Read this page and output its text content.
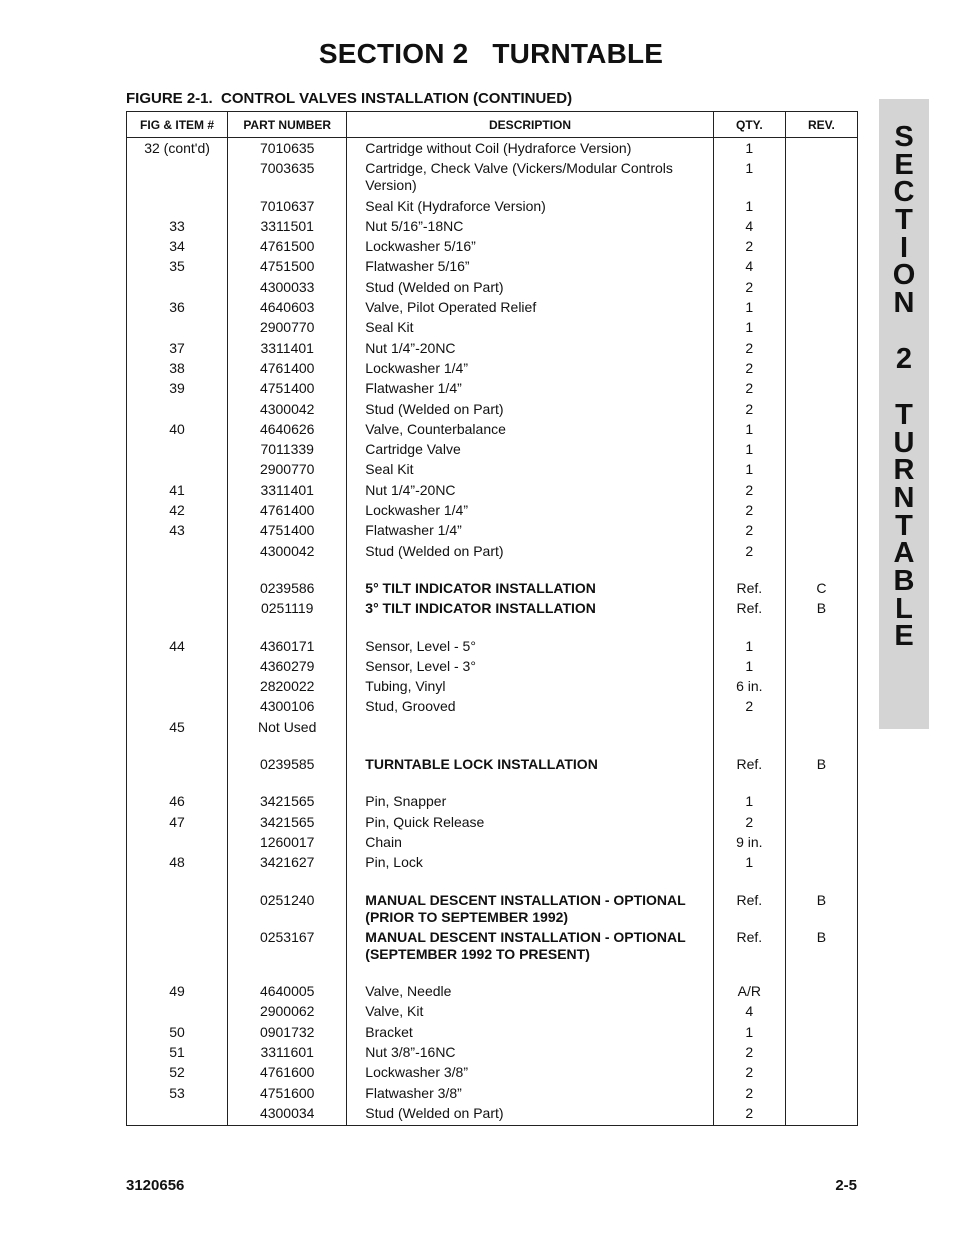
SECTION 2   TURNTABLE
FIGURE 2-1.  CONTROL VALVES INSTALLATION (CONTINUED)
FIG & ITEM #	PART NUMBER	DESCRIPTION	QTY.	REV.
32 (cont'd)	7010635	Cartridge without Coil (Hydraforce Version)	1	
	7003635	Cartridge, Check Valve (Vickers/Modular Controls Version)	1	
	7010637	Seal Kit (Hydraforce Version)	1	
33	3311501	Nut 5/16”-18NC	4	
34	4761500	Lockwasher 5/16”	2	
35	4751500	Flatwasher 5/16”	4	
	4300033	Stud (Welded on Part)	2	
36	4640603	Valve, Pilot Operated Relief	1	
	2900770	Seal Kit	1	
37	3311401	Nut 1/4”-20NC	2	
38	4761400	Lockwasher 1/4”	2	
39	4751400	Flatwasher 1/4”	2	
	4300042	Stud (Welded on Part)	2	
40	4640626	Valve, Counterbalance	1	
	7011339	Cartridge Valve	1	
	2900770	Seal Kit	1	
41	3311401	Nut 1/4”-20NC	2	
42	4761400	Lockwasher 1/4”	2	
43	4751400	Flatwasher 1/4”	2	
	4300042	Stud (Welded on Part)	2	

	0239586	5° TILT INDICATOR INSTALLATION	Ref.	C
	0251119	3° TILT INDICATOR INSTALLATION	Ref.	B

44	4360171	Sensor, Level - 5°	1	
	4360279	Sensor, Level - 3°	1	
	2820022	Tubing, Vinyl	6 in.	
	4300106	Stud, Grooved	2	
45	Not Used			

	0239585	TURNTABLE LOCK INSTALLATION	Ref.	B

46	3421565	Pin, Snapper	1	
47	3421565	Pin, Quick Release	2	
	1260017	Chain	9 in.	
48	3421627	Pin, Lock	1	

	0251240	MANUAL DESCENT INSTALLATION - OPTIONAL (PRIOR TO SEPTEMBER 1992)	Ref.	B
	0253167	MANUAL DESCENT INSTALLATION - OPTIONAL (SEPTEMBER 1992 TO PRESENT)	Ref.	B

49	4640005	Valve, Needle	A/R	
	2900062	Valve, Kit	4	
50	0901732	Bracket	1	
51	3311601	Nut 3/8”-16NC	2	
52	4761600	Lockwasher 3/8”	2	
53	4751600	Flatwasher 3/8”	2	
	4300034	Stud (Welded on Part)	2	
S
E
C
T
I
O
N
2
T
U
R
N
T
A
B
L
E
3120656	2-5
